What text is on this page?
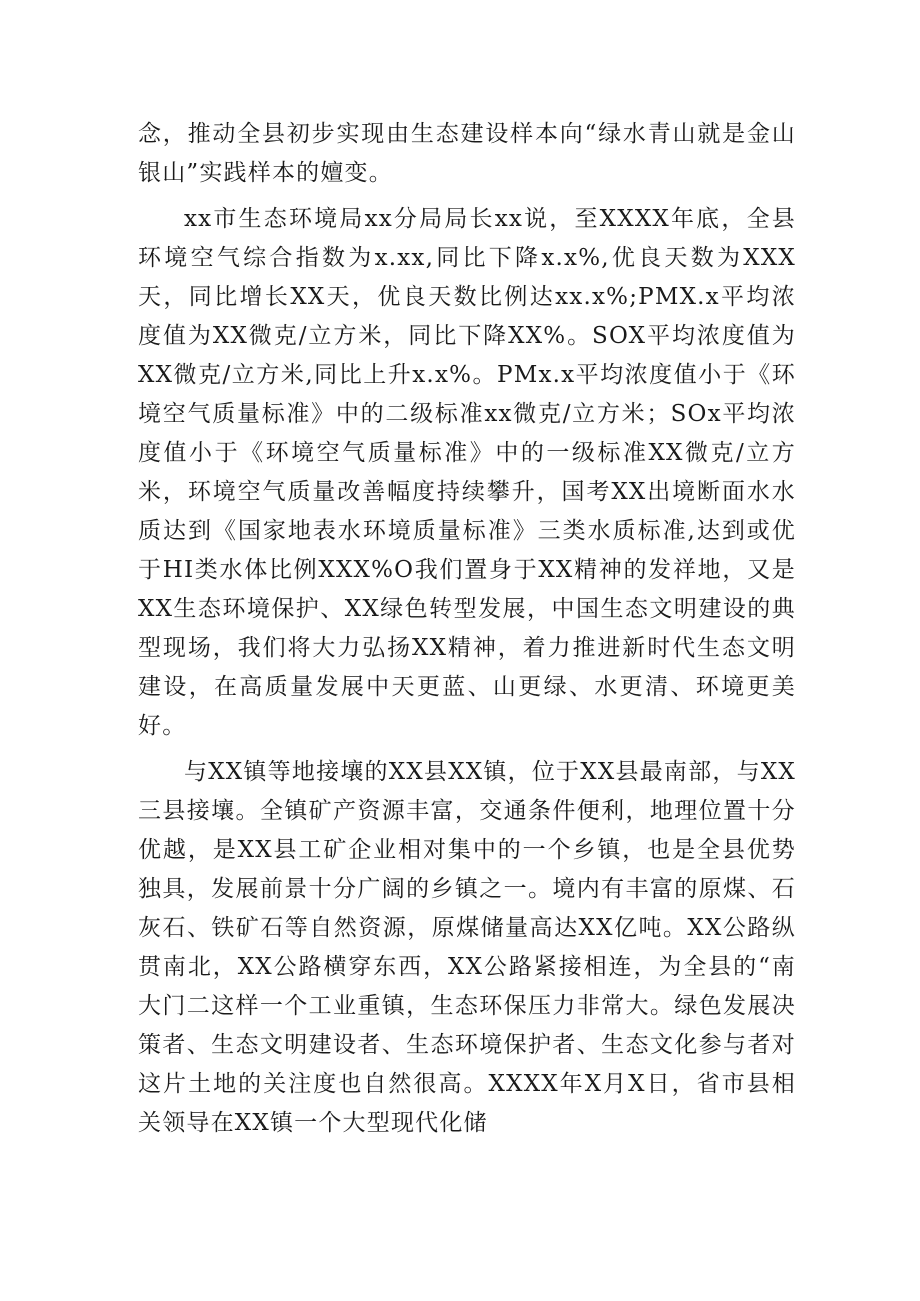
念，推动全县初步实现由生态建设样本向“绿水青山就是金山银山”实践样本的嬗变。

xx市生态环境局xx分局局长xx说，至XXXX年底，全县环境空气综合指数为x.xx,同比下降x.x%,优良天数为XXX天，同比增长XX天，优良天数比例达xx.x%;PMX.x平均浓度值为XX微克/立方米，同比下降XX%。SOX平均浓度值为XX微克/立方米,同比上升x.x%。PMx.x平均浓度值小于《环境空气质量标准》中的二级标准xx微克/立方米；SOx平均浓度值小于《环境空气质量标准》中的一级标准XX微克/立方米，环境空气质量改善幅度持续攀升，国考XX出境断面水水质达到《国家地表水环境质量标准》三类水质标准,达到或优于HI类水体比例XXX%O我们置身于XX精神的发祥地，又是XX生态环境保护、XX绿色转型发展，中国生态文明建设的典型现场，我们将大力弘扬XX精神，着力推进新时代生态文明建设，在高质量发展中天更蓝、山更绿、水更清、环境更美好。

与XX镇等地接壤的XX县XX镇，位于XX县最南部，与XX三县接壤。全镇矿产资源丰富，交通条件便利，地理位置十分优越，是XX县工矿企业相对集中的一个乡镇，也是全县优势独具，发展前景十分广阔的乡镇之一。境内有丰富的原煤、石灰石、铁矿石等自然资源，原煤储量高达XX亿吨。XX公路纵贯南北，XX公路横穿东西，XX公路紧接相连，为全县的“南大门二这样一个工业重镇，生态环保压力非常大。绿色发展决策者、生态文明建设者、生态环境保护者、生态文化参与者对这片土地的关注度也自然很高。XXXX年X月X日，省市县相关领导在XX镇一个大型现代化储
